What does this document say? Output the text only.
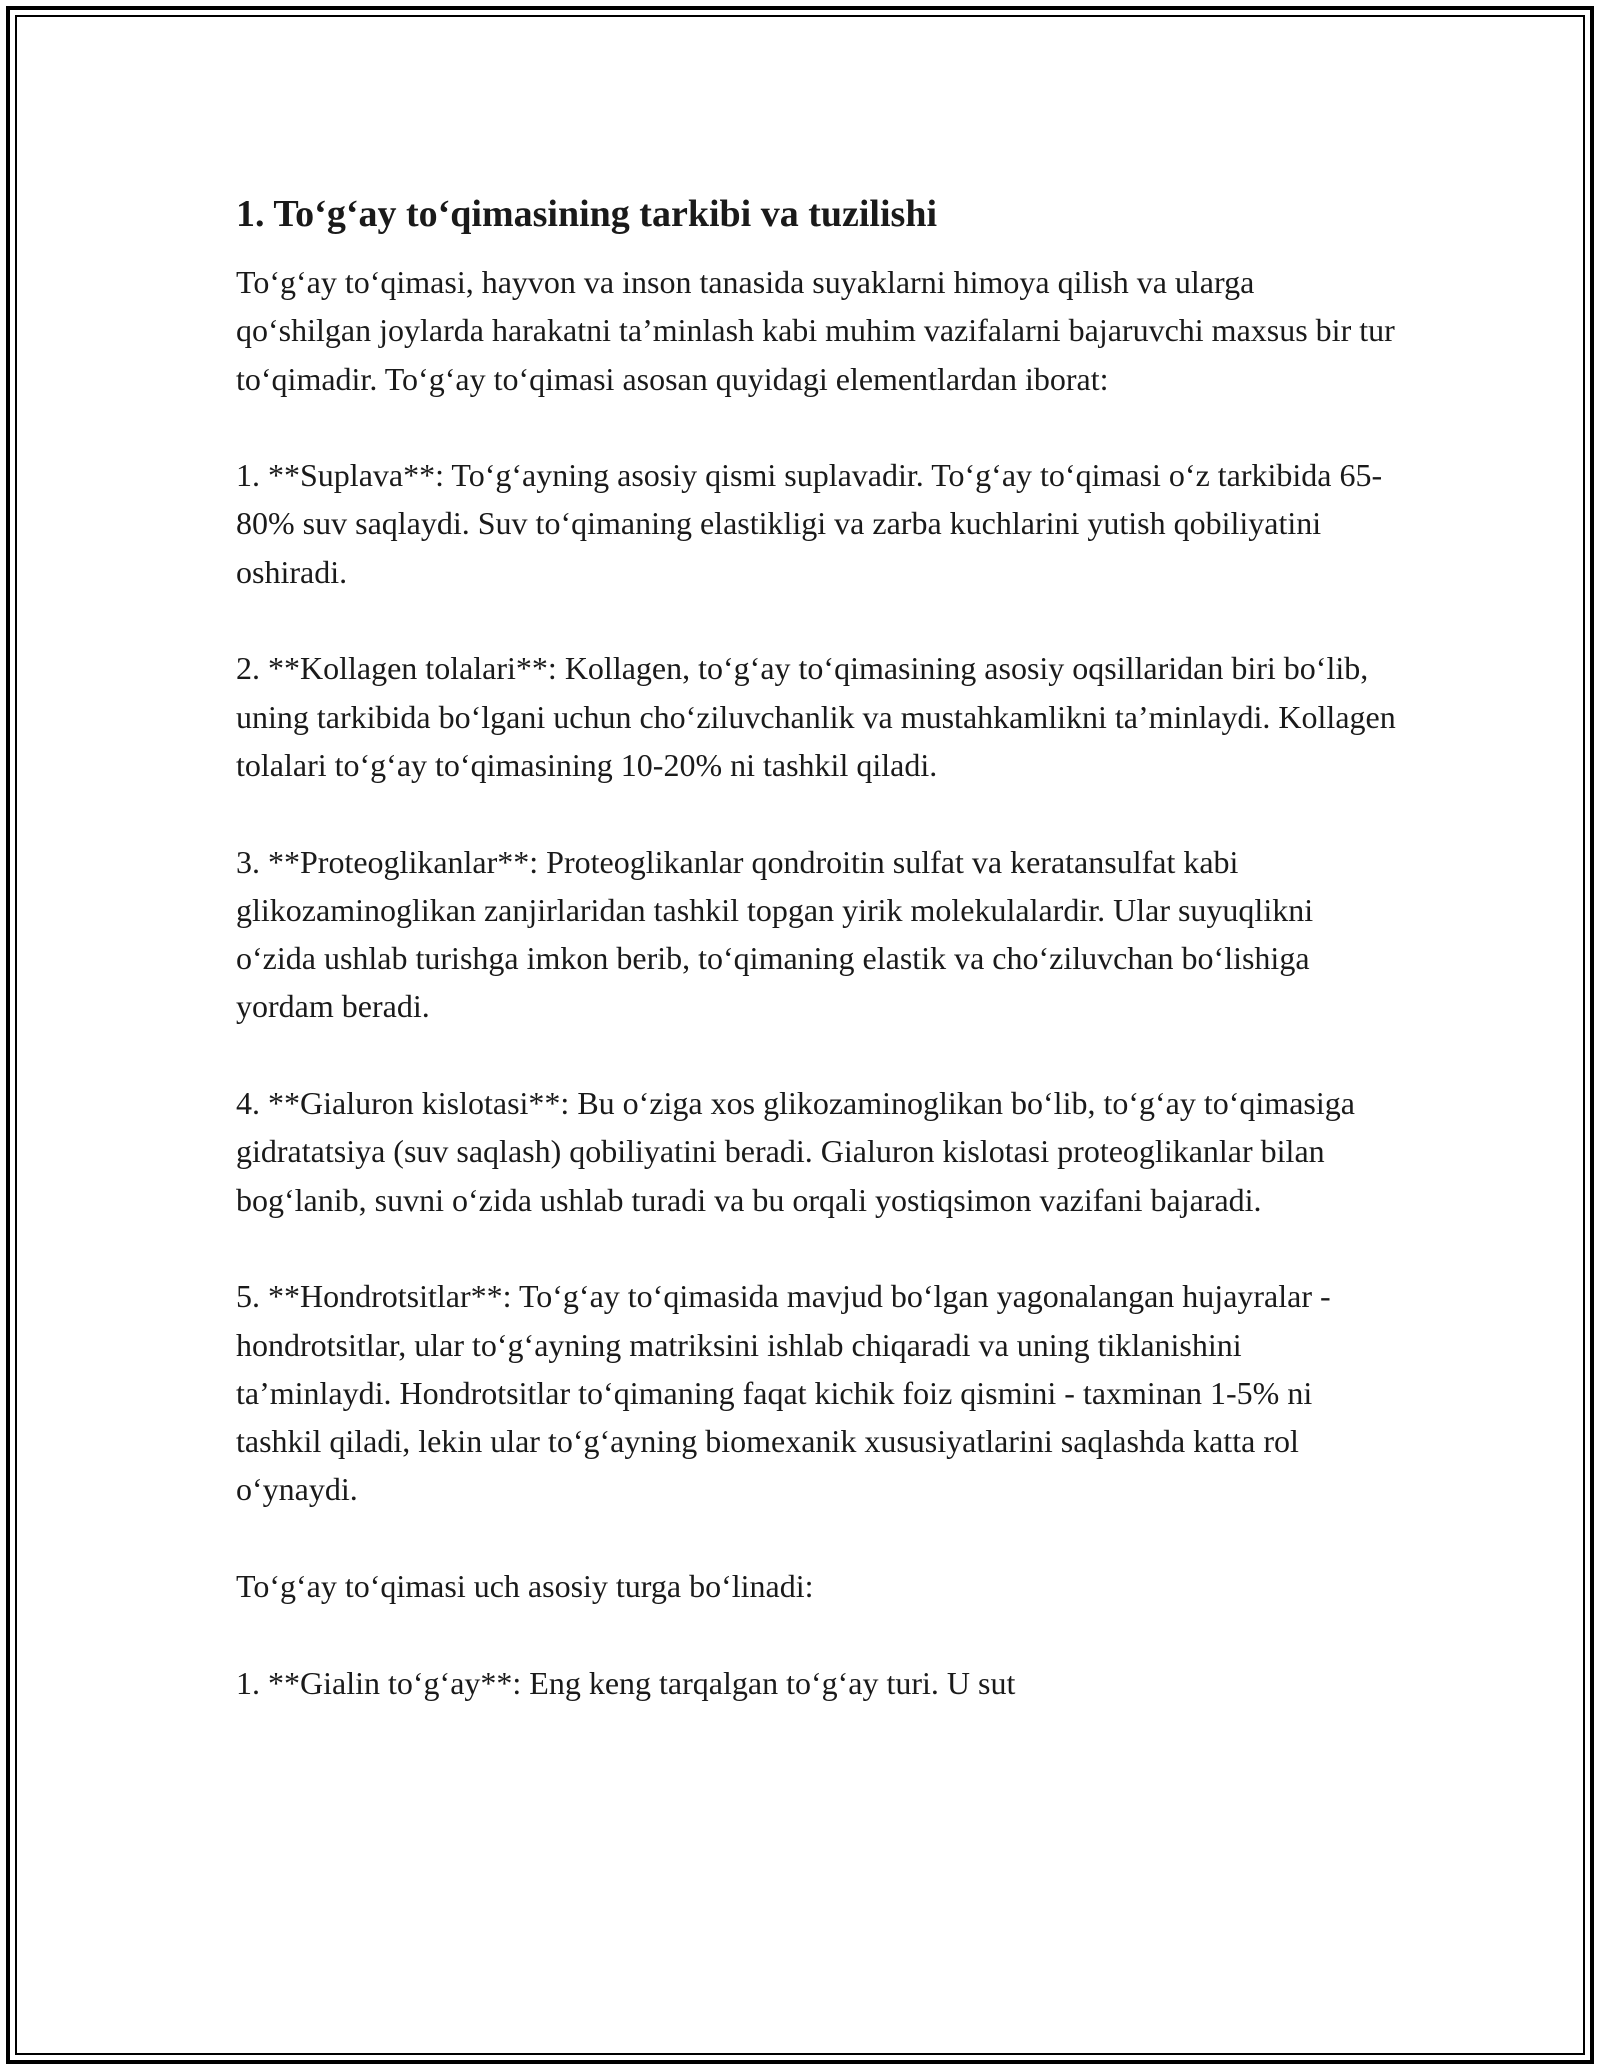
1. To‘g‘ay to‘qimasining tarkibi va tuzilishi

To‘g‘ay to‘qimasi, hayvon va inson tanasida suyaklarni himoya qilish va ularga qo‘shilgan joylarda harakatni ta’minlash kabi muhim vazifalarni bajaruvchi maxsus bir tur to‘qimadir. To‘g‘ay to‘qimasi asosan quyidagi elementlardan iborat:

1. **Suplava**: To‘g‘ayning asosiy qismi suplavadir. To‘g‘ay to‘qimasi o‘z tarkibida 65-80% suv saqlaydi. Suv to‘qimaning elastikligi va zarba kuchlarini yutish qobiliyatini oshiradi.

2. **Kollagen tolalari**: Kollagen, to‘g‘ay to‘qimasining asosiy oqsillaridan biri bo‘lib, uning tarkibida bo‘lgani uchun cho‘ziluvchanlik va mustahkamlikni ta’minlaydi. Kollagen tolalari to‘g‘ay to‘qimasining 10-20% ni tashkil qiladi.

3. **Proteoglikanlar**: Proteoglikanlar qondroitin sulfat va keratansulfat kabi glikozaminoglikan zanjirlaridan tashkil topgan yirik molekulalardir. Ular suyuqlikni o‘zida ushlab turishga imkon berib, to‘qimaning elastik va cho‘ziluvchan bo‘lishiga yordam beradi.

4. **Gialuron kislotasi**: Bu o‘ziga xos glikozaminoglikan bo‘lib, to‘g‘ay to‘qimasiga gidratatsiya (suv saqlash) qobiliyatini beradi. Gialuron kislotasi proteoglikanlar bilan bog‘lanib, suvni o‘zida ushlab turadi va bu orqali yostiqsimon vazifani bajaradi.

5. **Hondrotsitlar**: To‘g‘ay to‘qimasida mavjud bo‘lgan yagonalangan hujayralar - hondrotsitlar, ular to‘g‘ayning matriksini ishlab chiqaradi va uning tiklanishini ta’minlaydi. Hondrotsitlar to‘qimaning faqat kichik foiz qismini - taxminan 1-5% ni tashkil qiladi, lekin ular to‘g‘ayning biomexanik xususiyatlarini saqlashda katta rol o‘ynaydi.

To‘g‘ay to‘qimasi uch asosiy turga bo‘linadi:

1. **Gialin to‘g‘ay**: Eng keng tarqalgan to‘g‘ay turi. U sut
